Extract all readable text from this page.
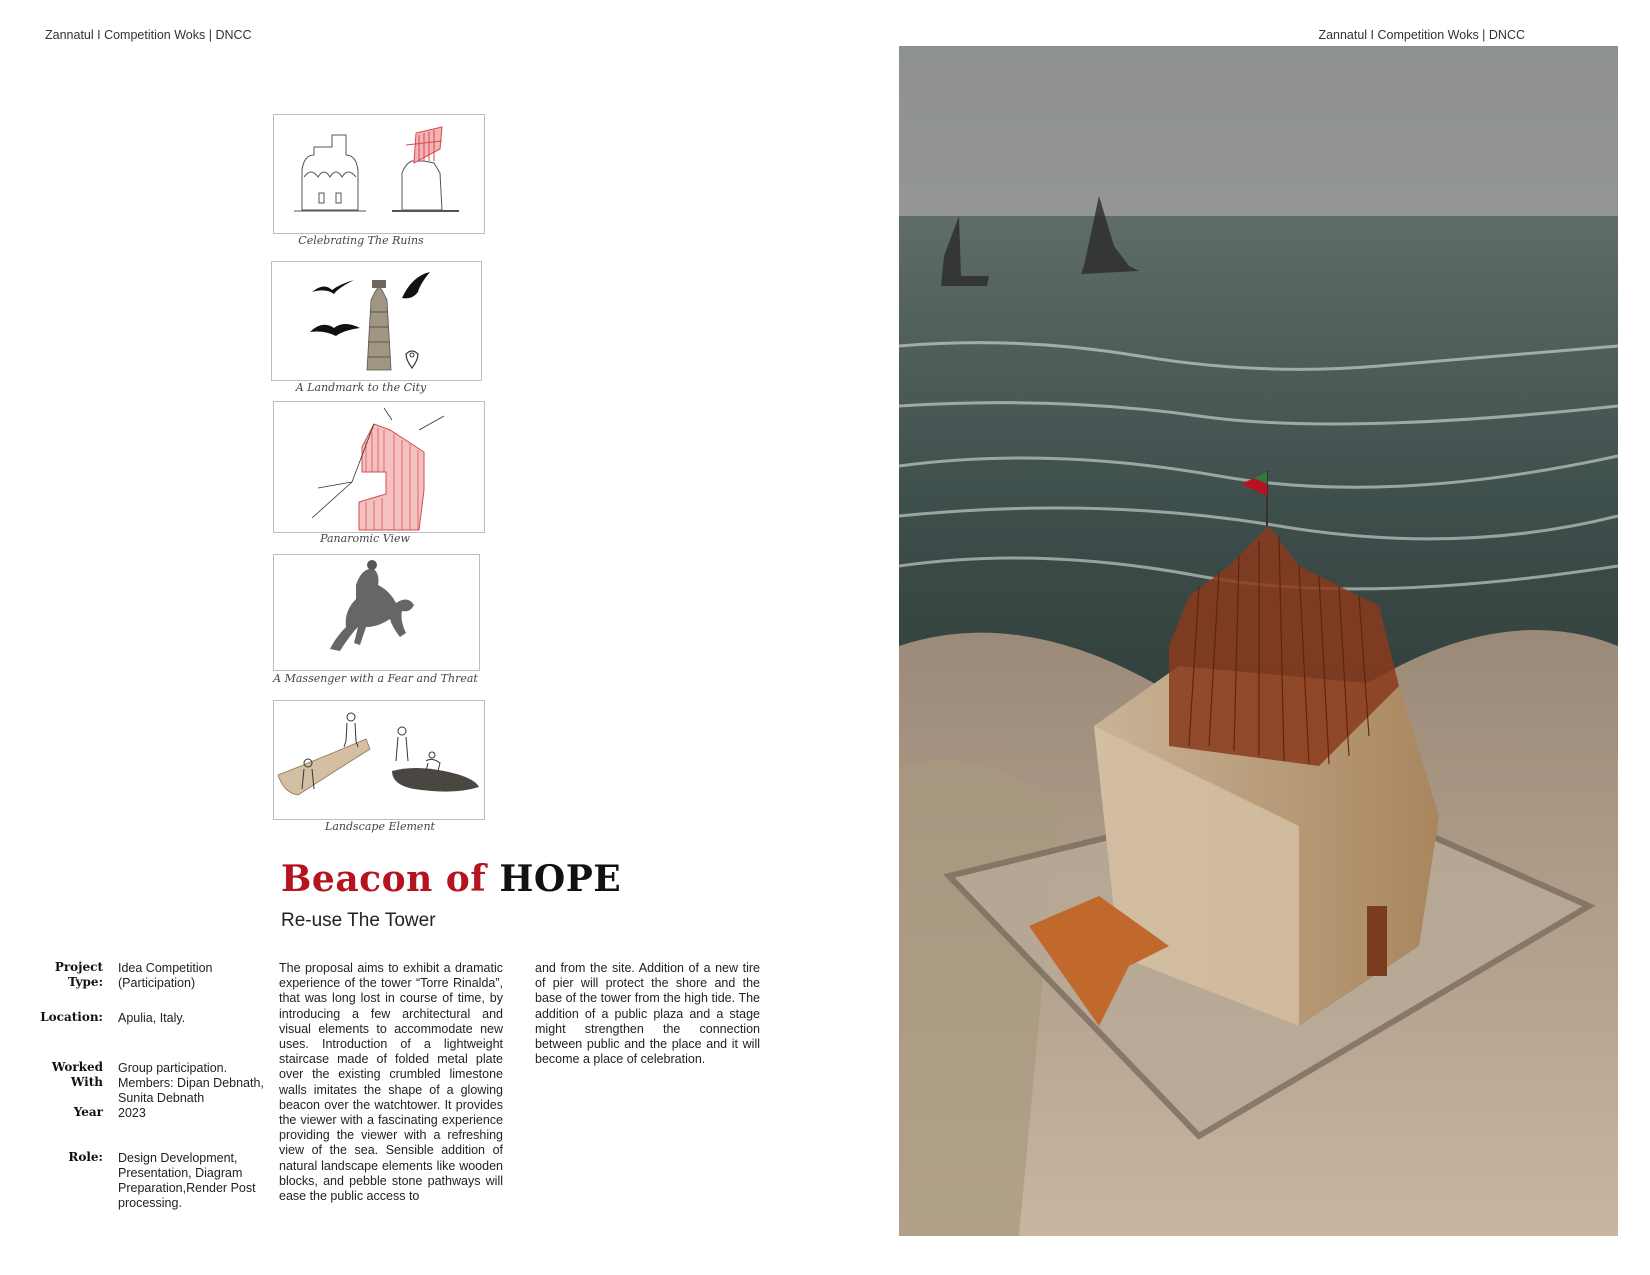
Zannatul I Competition Woks | DNCC	Zannatul I Competition Woks | DNCC
Celebrating The Ruins
A Landmark to the City
Panaromic View
A Massenger with a Fear and Threat
Landscape Element
Beacon of HOPE
Re-use The Tower
Project
Type:
Idea Competition
(Participation)
Location: Apulia, Italy.
Worked
With
Group participation.
Members: Dipan Debnath,
Sunita Debnath
Year 2023
Role: Design Development,
Presentation, Diagram
Preparation,Render Post
processing.
The proposal aims to exhibit a dramatic experience of the tower “Torre Rinalda”, that was long lost in course of time, by introducing a few architectural and visual elements to accommodate new uses. Introduction of a lightweight staircase made of folded metal plate over the existing crumbled limestone walls imitates the shape of a glowing beacon over the watchtower. It provides the viewer with a fascinating experience providing the viewer with a refreshing view of the sea. Sensible addition of natural landscape elements like wooden blocks, and pebble stone pathways will ease the public access to
and from the site. Addition of a new tire of pier will protect the shore and the base of the tower from the high tide. The addition of a public plaza and a stage might strengthen the connection between public and the place and it will become a place of celebration.
